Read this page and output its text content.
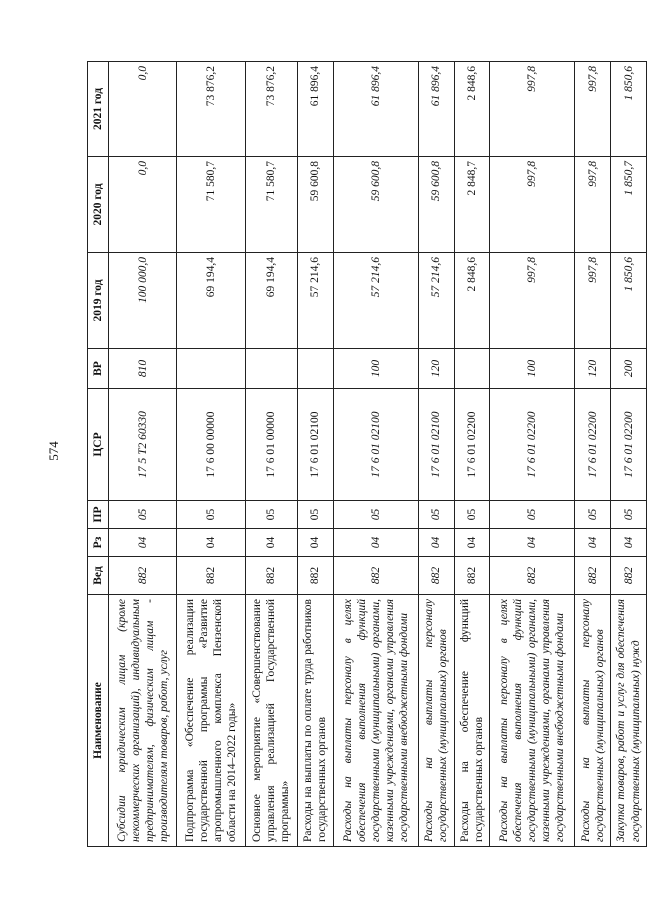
574
Наименование	Вед	Рз	ПР	ЦСР	ВР	2019 год	2020 год	2021 год
Субсидии юридическим лицам (кроме некоммерческих организаций), индивидуальным предпринимателям, физическим лицам - производителям товаров, работ, услуг	882	04	05	17 5 Т2 60330	810	100 000,0	0,0	0,0
Подпрограмма «Обеспечение реализации государственной программы «Развитие агропромышленного комплекса Пензенской области на 2014–2022 годы»	882	04	05	17 6 00 00000		69 194,4	71 580,7	73 876,2
Основное мероприятие «Совершенствование управления реализацией Государственной программы»	882	04	05	17 6 01 00000		69 194,4	71 580,7	73 876,2
Расходы на выплаты по оплате труда работников государственных органов	882	04	05	17 6 01 02100		57 214,6	59 600,8	61 896,4
Расходы на выплаты персоналу в целях обеспечения выполнения функций государственными (муниципальными) органами, казенными учреждениями, органами управления государственными внебюджетными фондами	882	04	05	17 6 01 02100	100	57 214,6	59 600,8	61 896,4
Расходы на выплаты персоналу государственных (муниципальных) органов	882	04	05	17 6 01 02100	120	57 214,6	59 600,8	61 896,4
Расходы на обеспечение функций государственных органов	882	04	05	17 6 01 02200		2 848,6	2 848,7	2 848,6
Расходы на выплаты персоналу в целях обеспечения выполнения функций государственными (муниципальными) органами, казенными учреждениями, органами управления государственными внебюджетными фондами	882	04	05	17 6 01 02200	100	997,8	997,8	997,8
Расходы на выплаты персоналу государственных (муниципальных) органов	882	04	05	17 6 01 02200	120	997,8	997,8	997,8
Закупка товаров, работ и услуг для обеспечения государственных (муниципальных) нужд	882	04	05	17 6 01 02200	200	1 850,6	1 850,7	1 850,6
